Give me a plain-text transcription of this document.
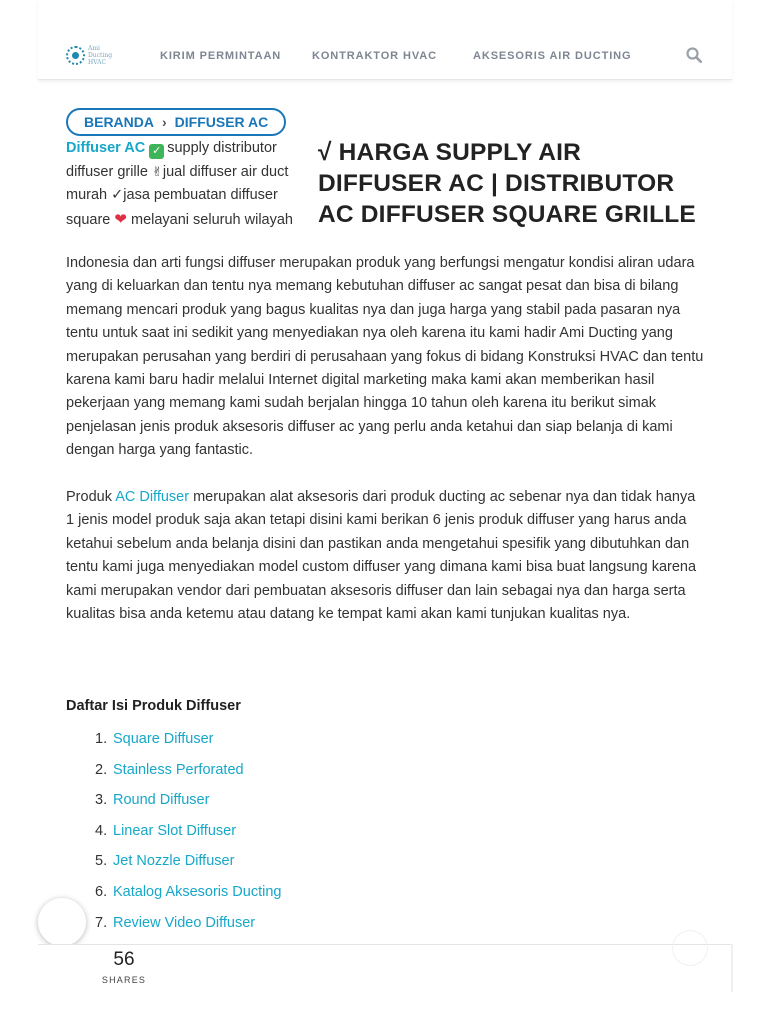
Ami Ducting HVAC
KIRIM PERMINTAAN	KONTRAKTOR HVAC	AKSESORIS AIR DUCTING
BERANDA › DIFFUSER AC
Diffuser AC ✓ supply distributor diffuser grille ✌jual diffuser air duct murah ✓jasa pembuatan diffuser square ❤ melayani seluruh wilayah
√ HARGA SUPPLY AIR DIFFUSER AC | DISTRIBUTOR AC DIFFUSER SQUARE GRILLE

Indonesia dan arti fungsi diffuser merupakan produk yang berfungsi mengatur kondisi aliran udara yang di keluarkan dan tentu nya memang kebutuhan diffuser ac sangat pesat dan bisa di bilang memang mencari produk yang bagus kualitas nya dan juga harga yang stabil pada pasaran nya tentu untuk saat ini sedikit yang menyediakan nya oleh karena itu kami hadir Ami Ducting yang merupakan perusahan yang berdiri di perusahaan yang fokus di bidang Konstruksi HVAC dan tentu karena kami baru hadir melalui Internet digital marketing maka kami akan memberikan hasil pekerjaan yang memang kami sudah berjalan hingga 10 tahun oleh karena itu berikut simak penjelasan jenis produk aksesoris diffuser ac yang perlu anda ketahui dan siap belanja di kami dengan harga yang fantastic.

Produk AC Diffuser merupakan alat aksesoris dari produk ducting ac sebenar nya dan tidak hanya 1 jenis model produk saja akan tetapi disini kami berikan 6 jenis produk diffuser yang harus anda ketahui sebelum anda belanja disini dan pastikan anda mengetahui spesifik yang dibutuhkan dan tentu kami juga menyediakan model custom diffuser yang dimana kami bisa buat langsung karena kami merupakan vendor dari pembuatan aksesoris diffuser dan lain sebagai nya dan harga serta kualitas bisa anda ketemu atau datang ke tempat kami akan kami tunjukan kualitas nya.

Daftar Isi Produk Diffuser
1. Square Diffuser
2. Stainless Perforated
3. Round Diffuser
4. Linear Slot Diffuser
5. Jet Nozzle Diffuser
6. Katalog Aksesoris Ducting
7. Review Video Diffuser
56
SHARES
